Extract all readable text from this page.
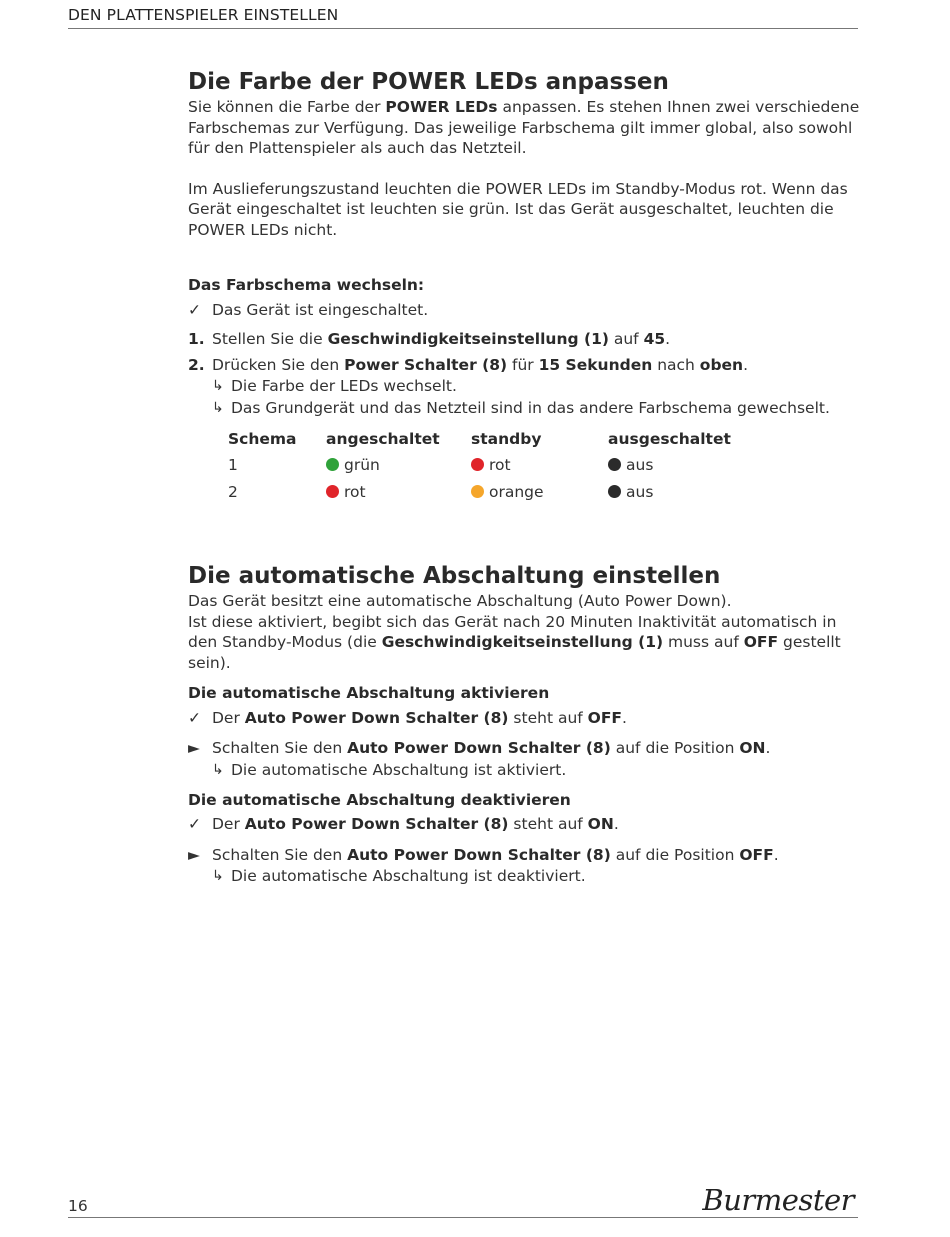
DEN PLATTENSPIELER EINSTELLEN
Die Farbe der POWER LEDs anpassen

Sie können die Farbe der POWER LEDs anpassen. Es stehen Ihnen zwei verschiedene Farbschemas zur Verfügung. Das jeweilige Farbschema gilt immer global, also sowohl für den Plattenspieler als auch das Netzteil.

Im Auslieferungszustand leuchten die POWER LEDs im Standby-Modus rot. Wenn das Gerät eingeschaltet ist leuchten sie grün. Ist das Gerät ausgeschaltet, leuchten die POWER LEDs nicht.

Das Farbschema wechseln:
✓ Das Gerät ist eingeschaltet.
1. Stellen Sie die Geschwindigkeitseinstellung (1) auf 45.
2. Drücken Sie den Power Schalter (8) für 15 Sekunden nach oben.
↳ Die Farbe der LEDs wechselt.
↳ Das Grundgerät und das Netzteil sind in das andere Farbschema gewechselt.
Schema	angeschaltet	standby	ausgeschaltet
1	grün	rot	aus
2	rot	orange	aus
Die automatische Abschaltung einstellen

Das Gerät besitzt eine automatische Abschaltung (Auto Power Down).

Ist diese aktiviert, begibt sich das Gerät nach 20 Minuten Inaktivität automatisch in den Standby-Modus (die Geschwindigkeitseinstellung (1) muss auf OFF gestellt sein).

Die automatische Abschaltung aktivieren
✓ Der Auto Power Down Schalter (8) steht auf OFF.
► Schalten Sie den Auto Power Down Schalter (8) auf die Position ON.
↳ Die automatische Abschaltung ist aktiviert.
Die automatische Abschaltung deaktivieren
✓ Der Auto Power Down Schalter (8) steht auf ON.
► Schalten Sie den Auto Power Down Schalter (8) auf die Position OFF.
↳ Die automatische Abschaltung ist deaktiviert.
16	Burmester
